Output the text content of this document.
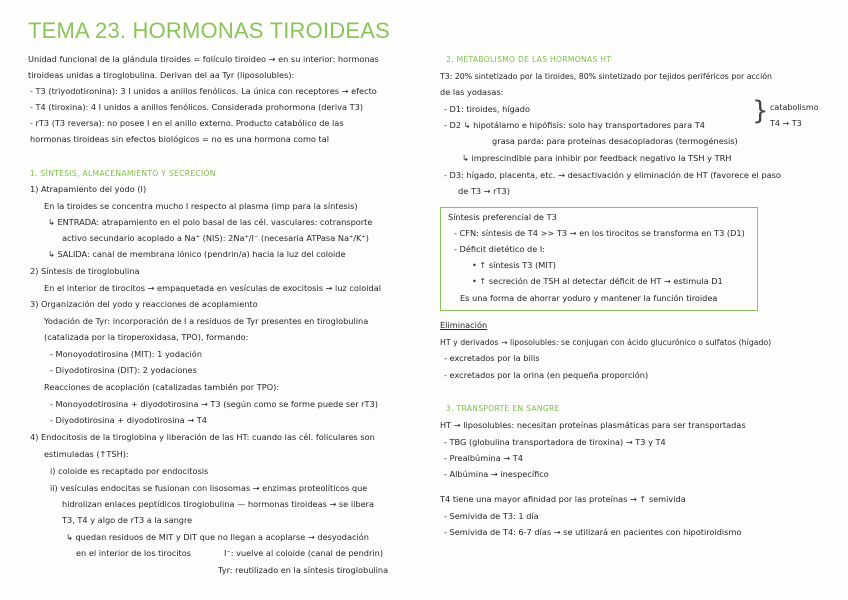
TEMA 23. HORMONAS TIROIDEAS
Unidad funcional de la glándula tiroides = folículo tiroideo → en su interior: hormonas
tiroideas unidas a tiroglobulina. Derivan del aa Tyr (liposolubles):
- T3 (triyodotironina): 3 I unidos a anillos fenólicos. La única con receptores → efecto
- T4 (tiroxina): 4 I unidos a anillos fenólicos. Considerada prohormona (deriva T3)
- rT3 (T3 reversa): no posee I en el anillo externo. Producto catabólico de las
hormonas tiroideas sin efectos biológicos = no es una hormona como tal
1. SÍNTESIS, ALMACENAMIENTO Y SECRECIÓN
1) Atrapamiento del yodo (I)
En la tiroides se concentra mucho I respecto al plasma (imp para la síntesis)
↳ ENTRADA: atrapamiento en el polo basal de las cél. vasculares: cotransporte
activo secundario acoplado a Na⁺ (NIS): 2Na⁺/I⁻ (necesaria ATPasa Na⁺/K⁺)
↳ SALIDA: canal de membrana iónico (pendrin/a) hacia la luz del coloide
2) Síntesis de tiroglobulina
En el interior de tirocitos → empaquetada en vesículas de exocitosis → luz coloidal
3) Organización del yodo y reacciones de acoplamiento
Yodación de Tyr: incorporación de I a residuos de Tyr presentes en tiroglobulina
(catalizada por la tiroperoxidasa, TPO), formando:
- Monoyodotirosina (MIT): 1 yodación
- Diyodotirosina (DIT): 2 yodaciones
Reacciones de acoplación (catalizadas también por TPO):
- Monoyodotirosina + diyodotirosina → T3 (según como se forme puede ser rT3)
- Diyodotirosina + diyodotirosina → T4
4) Endocitosis de la tiroglobina y liberación de las HT: cuando las cél. foliculares son
estimuladas (↑TSH):
i) coloide es recaptado por endocitosis
ii) vesículas endocitas se fusionan con lisosomas → enzimas proteolíticos que
hidrolizan enlaces peptídicos tiroglobulina — hormonas tiroideas → se libera
T3, T4 y algo de rT3 a la sangre
↳ quedan residuos de MIT y DIT que no llegan a acoplarse → desyodación
en el interior de los tirocitos	I⁻: vuelve al coloide (canal de pendrin)
Tyr: reutilizado en la síntesis tiroglobulina
2. METABOLISMO DE LAS HORMONAS HT
T3: 20% sintetizado por la tiroides, 80% sintetizado por tejidos periféricos por acción
de las yodasas:
- D1: tiroides, hígado
- D2 ↳ hipotálamo e hipófisis: solo hay transportadores para T4
grasa parda: para proteínas desacopladoras (termogénesis)
↳ imprescindible para inhibir por feedback negativo la TSH y TRH
- D3: hígado, placenta, etc. → desactivación y eliminación de HT (favorece el paso
de T3 → rT3)
} catabolismo
T4 → T3
Síntesis preferencial de T3
- CFN: síntesis de T4 >> T3 → en los tirocitos se transforma en T3 (D1)
- Déficit dietético de I:
• ↑ síntesis T3 (MIT)
• ↑ secreción de TSH al detectar déficit de HT → estimula D1
Es una forma de ahorrar yoduro y mantener la función tiroidea
Eliminación
HT y derivados → liposolubles: se conjugan con ácido glucurónico o sulfatos (hígado)
- excretados por la bilis
- excretados por la orina (en pequeña proporción)
3. TRANSPORTE EN SANGRE
HT → liposolubles: necesitan proteínas plasmáticas para ser transportadas
- TBG (globulina transportadora de tiroxina) → T3 y T4
- Prealbúmina → T4
- Albúmina → inespecífico
T4 tiene una mayor afinidad por las proteínas → ↑ semivida
- Semivida de T3: 1 día
- Semivida de T4: 6-7 días → se utilizará en pacientes con hipotiroidismo
